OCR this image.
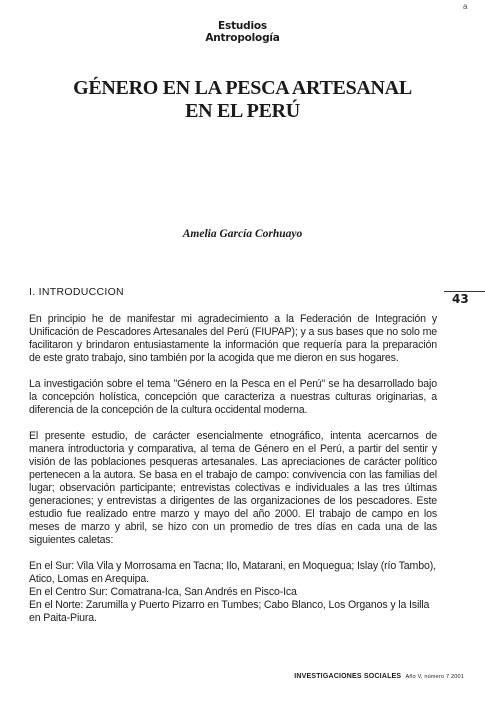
a
Estudios
Antropología
GÉNERO EN LA PESCA ARTESANAL
EN EL PERÚ

Amelia García Corhuayo

I. INTRODUCCION	43

En principio he de manifestar mi agradecimiento a la Federación de Integración y Unificación de Pescadores Artesanales del Perú (FIUPAP); y a sus bases que no solo me facilitaron y brindaron entusiastamente la información que requería para la preparación de este grato trabajo, sino también por la acogida que me dieron en sus hogares.

La investigación sobre el tema "Género en la Pesca en el Perú" se ha desarrollado bajo la concepción holística, concepción que caracteriza a nuestras culturas originarias, a diferencia de la concepción de la cultura occidental moderna.

El presente estudio, de carácter esencialmente etnográfico, intenta acercarnos de manera introductoria y comparativa, al tema de Género en el Perú, a partir del sentir y visión de las poblaciones pesqueras artesanales. Las apreciaciones de carácter político pertenecen a la autora. Se basa en el trabajo de campo: convivencia con las familias del lugar; observación participante; entrevistas colectivas e individuales a las tres últimas generaciones; y entrevistas a dirigentes de las organizaciones de los pescadores. Este estudio fue realizado entre marzo y mayo del año 2000. El trabajo de campo en los meses de marzo y abril, se hizo con un promedio de tres días en cada una de las siguientes caletas:

En el Sur: Vila Vila y Morrosama en Tacna; Ilo, Matarani, en Moquegua; Islay (río Tambo), Atico, Lomas en Arequipa.
En el Centro Sur: Comatrana-Ica, San Andrés en Pisco-Ica
En el Norte: Zarumilla y Puerto Pizarro en Tumbes; Cabo Blanco, Los Organos y la Isilla en Paita-Piura.

INVESTIGACIONES SOCIALES Año V, número 7 2001
